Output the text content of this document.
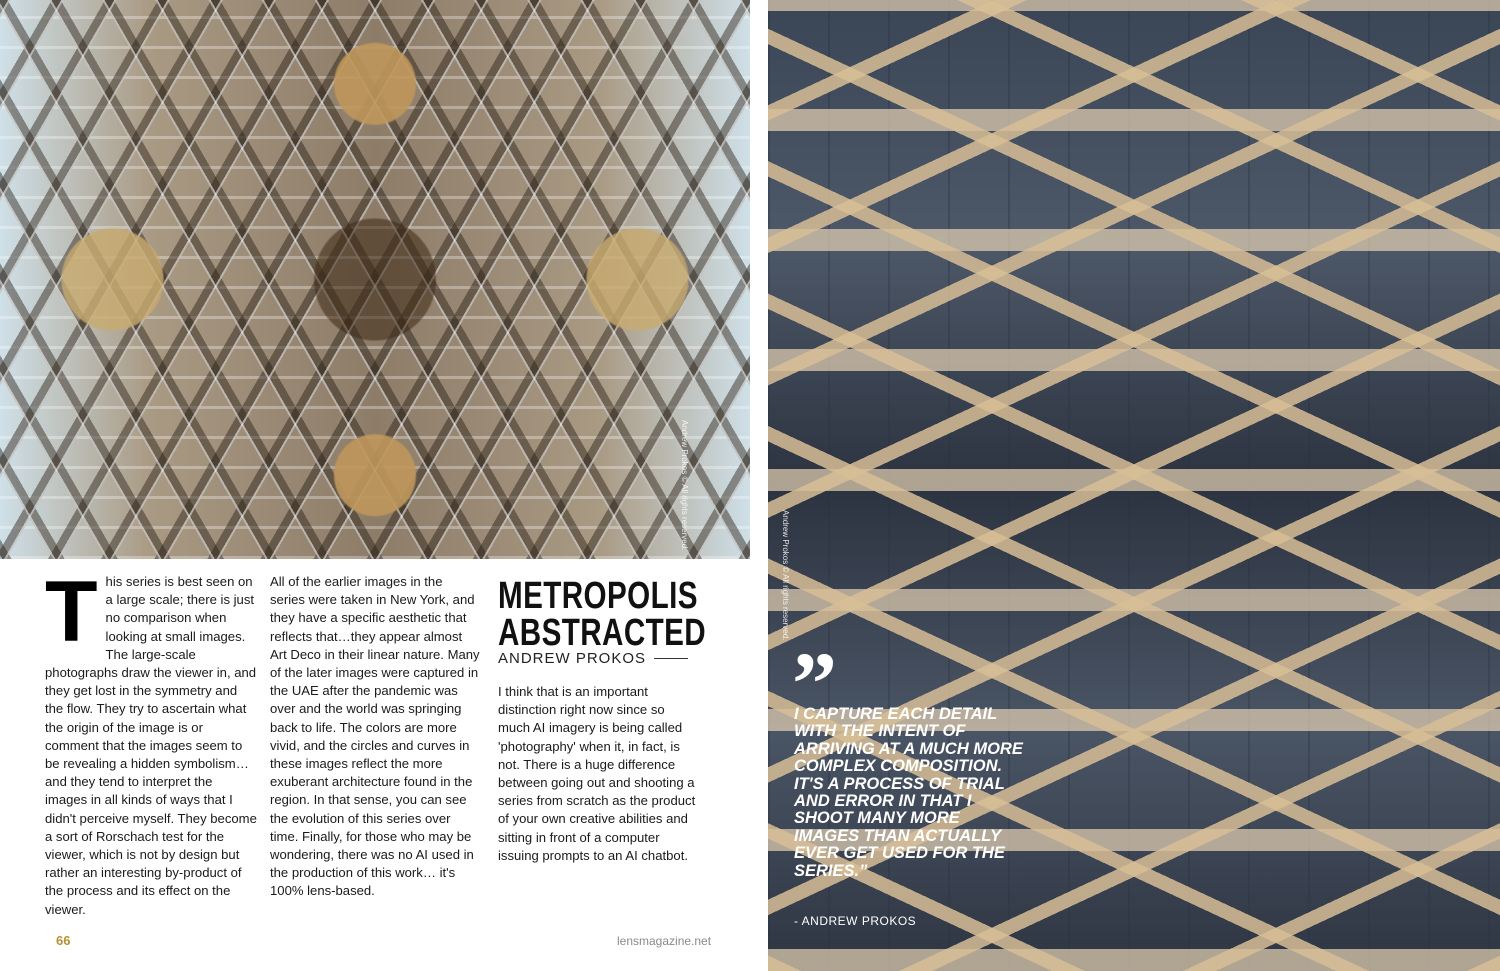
Andrew Prokos © All rights reserved.
T his series is best seen on a large scale; there is just no comparison when looking at small images. The large-scale photographs draw the viewer in, and they get lost in the symmetry and the flow. They try to ascertain what the origin of the image is or comment that the images seem to be revealing a hidden symbolism…and they tend to interpret the images in all kinds of ways that I didn't perceive myself. They become a sort of Rorschach test for the viewer, which is not by design but rather an interesting by-product of the process and its effect on the viewer.

All of the earlier images in the series were taken in New York, and they have a specific aesthetic that reflects that…they appear almost Art Deco in their linear nature. Many of the later images were captured in the UAE after the pandemic was over and the world was springing back to life. The colors are more vivid, and the circles and curves in these images reflect the more exuberant architecture found in the region. In that sense, you can see the evolution of this series over time. Finally, for those who may be wondering, there was no AI used in the production of this work… it's 100% lens-based.

METROPOLIS
ABSTRACTED
ANDREW PROKOS

I think that is an important distinction right now since so much AI imagery is being called 'photography' when it, in fact, is not. There is a huge difference between going out and shooting a series from scratch as the product of your own creative abilities and sitting in front of a computer issuing prompts to an AI chatbot.

66	lensmagazine.net
Andrew Prokos © All rights reserved.
”
I CAPTURE EACH DETAIL WITH THE INTENT OF ARRIVING AT A MUCH MORE COMPLEX COMPOSITION. IT'S A PROCESS OF TRIAL AND ERROR IN THAT I SHOOT MANY MORE IMAGES THAN ACTUALLY EVER GET USED FOR THE SERIES.”
- ANDREW PROKOS
